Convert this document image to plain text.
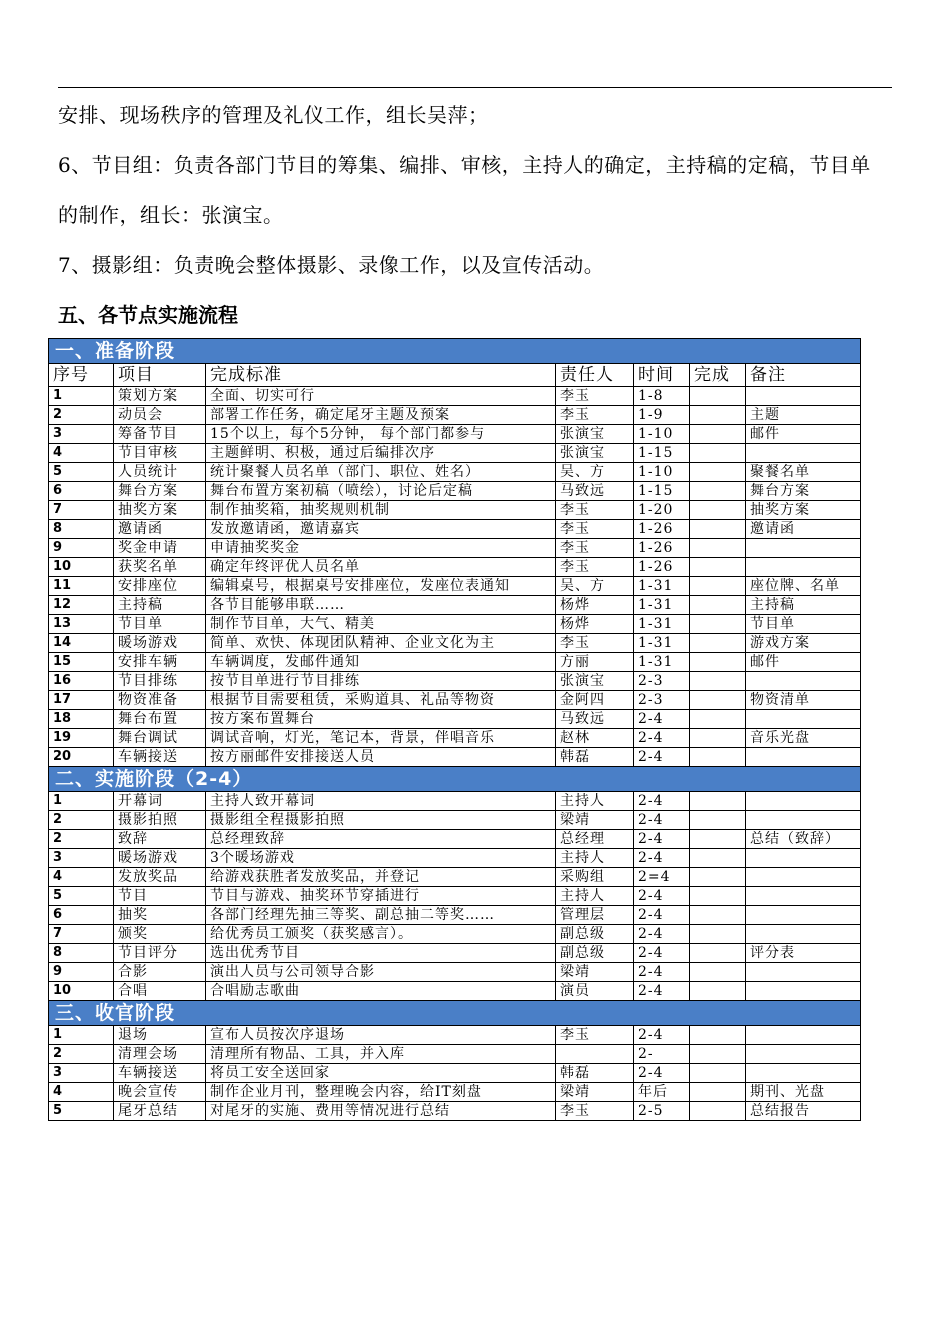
安排、现场秩序的管理及礼仪工作，组长吴萍；
6、节目组：负责各部门节目的筹集、编排、审核，主持人的确定，主持稿的定稿，节目单
的制作，组长：张演宝。
7、摄影组：负责晚会整体摄影、录像工作，以及宣传活动。
五、各节点实施流程
一、准备阶段						
序号	项目	完成标准	责任人	时间	完成	备注
1	策划方案	全面、切实可行	李玉	1-8		
2	动员会	部署工作任务，确定尾牙主题及预案	李玉	1-9		主题
3	筹备节目	15个以上，每个5分钟， 每个部门都参与	张演宝	1-10		邮件
4	节目审核	主题鲜明、积极，通过后编排次序	张演宝	1-15		
5	人员统计	统计聚餐人员名单（部门、职位、姓名）	吴、方	1-10		聚餐名单
6	舞台方案	舞台布置方案初稿（喷绘），讨论后定稿	马致远	1-15		舞台方案
7	抽奖方案	制作抽奖箱，抽奖规则机制	李玉	1-20		抽奖方案
8	邀请函	发放邀请函，邀请嘉宾	李玉	1-26		邀请函
9	奖金申请	申请抽奖奖金	李玉	1-26		
10	获奖名单	确定年终评优人员名单	李玉	1-26		
11	安排座位	编辑桌号，根据桌号安排座位，发座位表通知	吴、方	1-31		座位牌、名单
12	主持稿	各节目能够串联……	杨烨	1-31		主持稿
13	节目单	制作节目单，大气、精美	杨烨	1-31		节目单
14	暖场游戏	简单、欢快、体现团队精神、企业文化为主	李玉	1-31		游戏方案
15	安排车辆	车辆调度，发邮件通知	方丽	1-31		邮件
16	节目排练	按节目单进行节目排练	张演宝	2-3		
17	物资准备	根据节目需要租赁，采购道具、礼品等物资	金阿四	2-3		物资清单
18	舞台布置	按方案布置舞台	马致远	2-4		
19	舞台调试	调试音响，灯光，笔记本，背景，伴唱音乐	赵林	2-4		音乐光盘
20	车辆接送	按方丽邮件安排接送人员	韩磊	2-4		
二、实施阶段（2-4）						
1	开幕词	主持人致开幕词	主持人	2-4		
2	摄影拍照	摄影组全程摄影拍照	梁靖	2-4		
2	致辞	总经理致辞	总经理	2-4		总结（致辞）
3	暖场游戏	3个暖场游戏	主持人	2-4		
4	发放奖品	给游戏获胜者发放奖品，并登记	采购组	2=4		
5	节目	节目与游戏、抽奖环节穿插进行	主持人	2-4		
6	抽奖	各部门经理先抽三等奖、副总抽二等奖……	管理层	2-4		
7	颁奖	给优秀员工颁奖（获奖感言）。	副总级	2-4		
8	节目评分	选出优秀节目	副总级	2-4		评分表
9	合影	演出人员与公司领导合影	梁靖	2-4		
10	合唱	合唱励志歌曲	演员	2-4		
三、收官阶段						
1	退场	宣布人员按次序退场	李玉	2-4		
2	清理会场	清理所有物品、工具，并入库		2-		
3	车辆接送	将员工安全送回家	韩磊	2-4		
4	晚会宣传	制作企业月刊，整理晚会内容，给IT刻盘	梁靖	年后		期刊、光盘
5	尾牙总结	对尾牙的实施、费用等情况进行总结	李玉	2-5		总结报告
